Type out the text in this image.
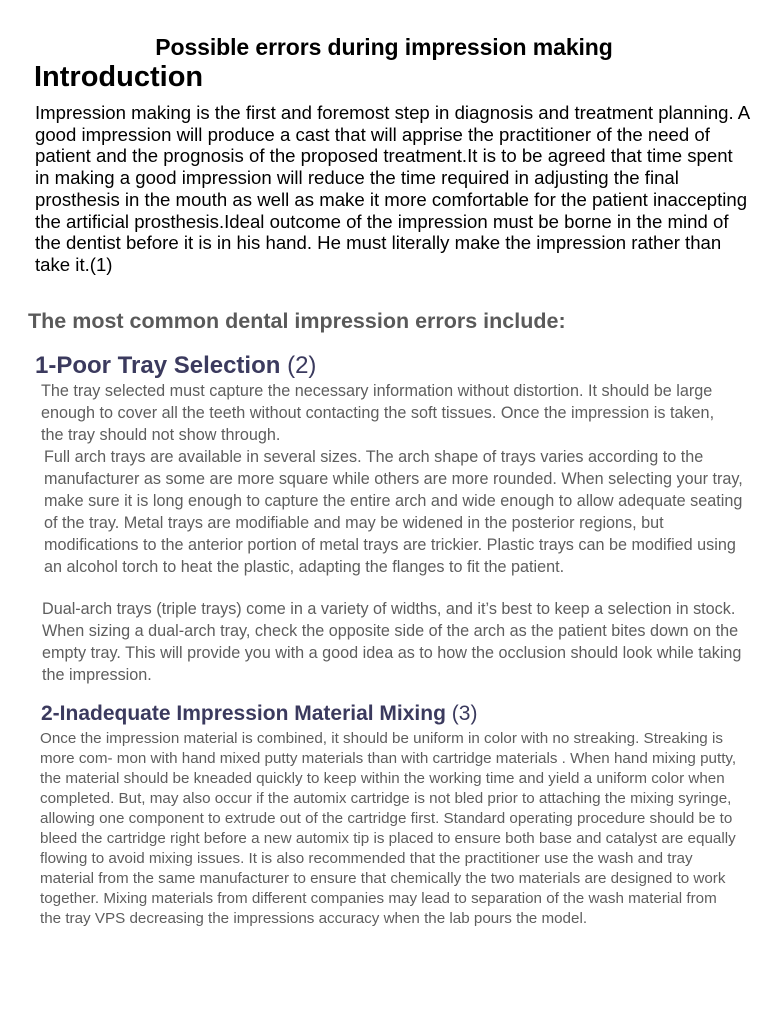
Possible errors during impression making
Introduction

Impression making is the first and foremost step in diagnosis and treatment planning. A good impression will produce a cast that will apprise the practitioner of the need of patient and the prognosis of the proposed treatment.It is to be agreed that time spent in making a good impression will reduce the time required in adjusting the final prosthesis in the mouth as well as make it more comfortable for the patient inaccepting the artificial prosthesis.Ideal outcome of the impression must be borne in the mind of the dentist before it is in his hand. He must literally make the impression rather than take it.(1)

The most common dental impression errors include:
1-Poor Tray Selection (2)

The tray selected must capture the necessary information without distortion. It should be large enough to cover all the teeth without contacting the soft tissues. Once the impression is taken, the tray should not show through.

Full arch trays are available in several sizes. The arch shape of trays varies according to the manufacturer as some are more square while others are more rounded. When selecting your tray, make sure it is long enough to capture the entire arch and wide enough to allow adequate seating of the tray. Metal trays are modifiable and may be widened in the posterior regions, but modifications to the anterior portion of metal trays are trickier. Plastic trays can be modified using an alcohol torch to heat the plastic, adapting the flanges to fit the patient.

Dual-arch trays (triple trays) come in a variety of widths, and it’s best to keep a selection in stock. When sizing a dual-arch tray, check the opposite side of the arch as the patient bites down on the empty tray. This will provide you with a good idea as to how the occlusion should look while taking the impression.

2-Inadequate Impression Material Mixing (3)

Once the impression material is combined, it should be uniform in color with no streaking. Streaking is more com- mon with hand mixed putty materials than with cartridge materials . When hand mixing putty, the material should be kneaded quickly to keep within the working time and yield a uniform color when completed. But, may also occur if the automix cartridge is not bled prior to attaching the mixing syringe, allowing one component to extrude out of the cartridge first. Standard operating procedure should be to bleed the cartridge right before a new automix tip is placed to ensure both base and catalyst are equally flowing to avoid mixing issues. It is also recommended that the practitioner use the wash and tray material from the same manufacturer to ensure that chemically the two materials are designed to work together. Mixing materials from different companies may lead to separation of the wash material from the tray VPS decreasing the impressions accuracy when the lab pours the model.
